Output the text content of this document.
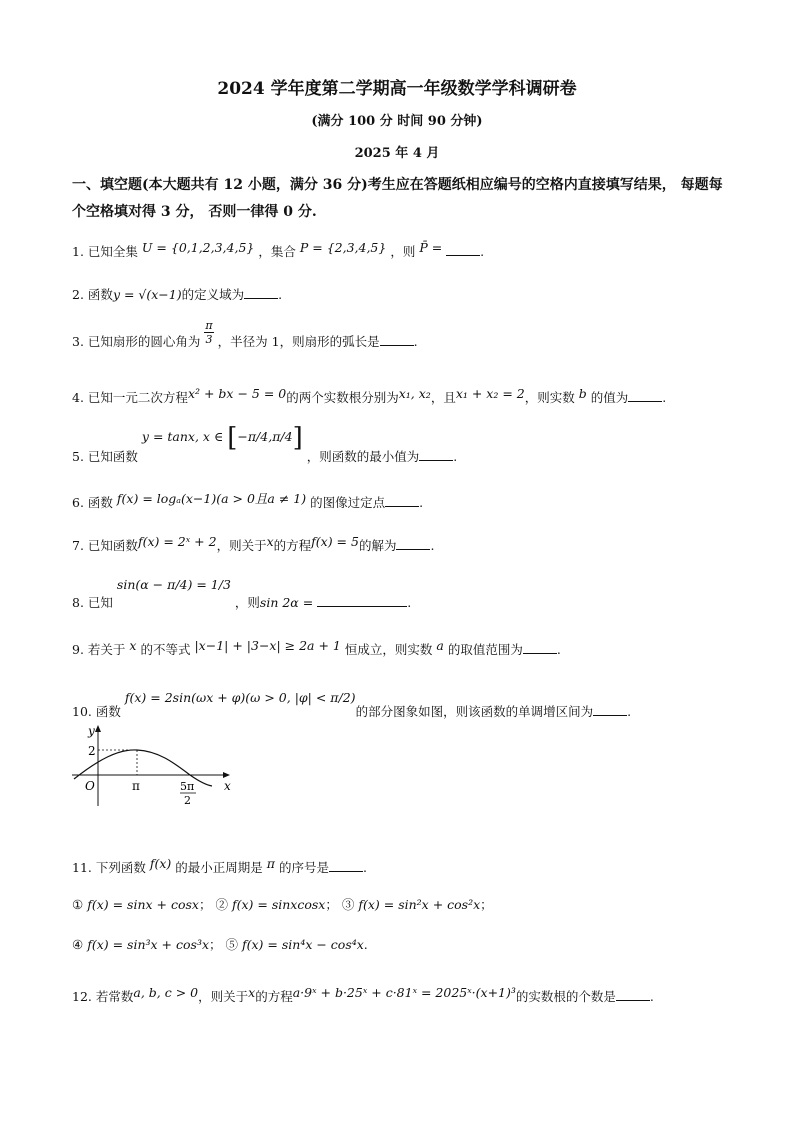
2024 学年度第二学期高一年级数学学科调研卷
(满分 100 分 时间 90 分钟)
2025 年 4 月
一、填空题(本大题共有 12 小题，满分 36 分)考生应在答题纸相应编号的空格内直接填写结果， 每题每个空格填对得 3 分， 否则一律得 0 分.
1. 已知全集 U = {0,1,2,3,4,5} ，集合 P = {2,3,4,5} ，则 P̄ =	.
2. 函数y = √(x−1)的定义域为	.
3. 已知扇形的圆心角为 $\frac{\pi}{3}$ ，半径为 1，则扇形的弧长是	.
4. 已知一元二次方程x² + bx − 5 = 0的两个实数根分别为x₁, x₂，且x₁ + x₂ = 2，则实数 b 的值为	.
5. 已知函数 y = tanx, x ∈ [−π/4,π/4] ，则函数的最小值为	.
6. 函数 f(x) = logₐ(x−1)(a > 0且a ≠ 1) 的图像过定点	.
7. 已知函数f(x) = 2ˣ + 2，则关于x的方程f(x) = 5的解为	.
8. 已知 sin(α − π/4) = 1/3 ，则sin 2α =	.
9. 若关于 x 的不等式 |x−1| + |3−x| ≥ 2a + 1 恒成立，则实数 a 的取值范围为	.
10. 函数 f(x) = 2sin(ωx + φ)(ω > 0, |φ| < π/2)的部分图象如图，则该函数的单调增区间为	.
y
x
O
2
π	5π
2
11. 下列函数 f(x) 的最小正周期是 π 的序号是	.
① f(x) = sinx + cosx； ② f(x) = sinxcosx； ③ f(x) = sin²x + cos²x；
④ f(x) = sin³x + cos³x； ⑤ f(x) = sin⁴x − cos⁴x.
12. 若常数a, b, c > 0，则关于x的方程a·9ˣ + b·25ˣ + c·81ˣ = 2025ˣ·(x+1)³的实数根的个数是	.
